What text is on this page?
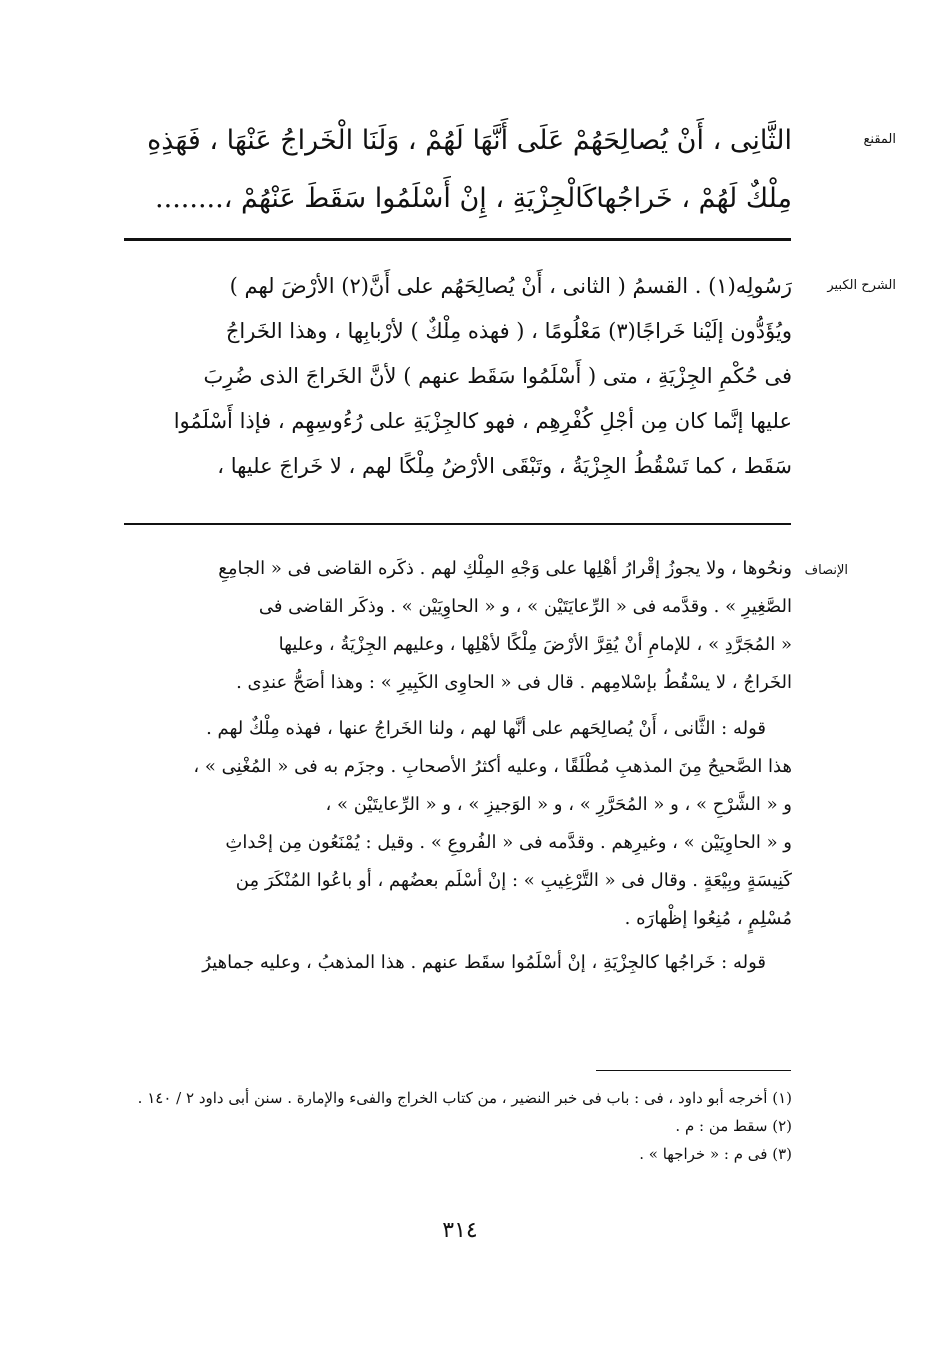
المقنع
الثَّانِى ، أَنْ يُصالِحَهُمْ عَلَى أَنَّهَا لَهُمْ ، وَلَنَا الْخَراجُ عَنْهَا ، فَهَذِهِ
مِلْكٌ لَهُمْ ، خَراجُهاكَالْجِزْيَةِ ، إِنْ أَسْلَمُوا سَقَطَ عَنْهُمْ ،........
الشرح الكبير
رَسُولِه(١) . القسمُ ( الثانى ، أَنْ يُصالِحَهُم على أَنَّ(٢) الأرْضَ لهم )
ويُؤَدُّون إلَيْنا خَراجًا(٣) مَعْلُومًا ، ( فهذه مِلْكٌ ) لأرْبابِها ، وهذا الخَراجُ
فى حُكْمِ الجِزْيَةِ ، متى ( أَسْلَمُوا سَقَط عنهم ) لأنَّ الخَراجَ الذى ضُرِبَ
عليها إنَّما كان مِن أجْلِ كُفْرِهِم ، فهو كالجِزْيَةِ على رُءُوسِهِم ، فإذا أَسْلَمُوا
سَقَط ، كما تَسْقُطُ الجِزْيَةُ ، وتَبْقَى الأرْضُ مِلْكًا لهم ، لا خَراجَ عليها ،
الإنصاف
ونحُوها ، ولا يجوزُ إقْرارُ أهْلِها على وَجْهِ المِلْكِ لهم . ذكَره القاضى فى « الجامِعِ
الصَّغِيرِ » . وقدَّمه فى « الرِّعايَتَيْن » ، و « الحاوِيَيْن » . وذكَر القاضى فى
« المُجَرَّدِ » ، للإمامِ أنْ يُقِرَّ الأرْضَ مِلْكًا لأهْلِها ، وعليهم الجِزْيَةُ ، وعليها
الخَراجُ ، لا يسْقُطُ بإسْلامِهم . قال فى « الحاوِى الكَبِيرِ » : وهذا أصَحُّ عندِى .
قوله : الثَّانى ، أَنْ يُصالِحَهم على أنَّها لهم ، ولنا الخَراجُ عنها ، فهذه مِلْكٌ لهم .
هذا الصَّحيحُ مِنَ المذهبِ مُطْلَقًا ، وعليه أكثرُ الأصحابِ . وجزَم به فى « المُغْنِى » ،
و « الشَّرْحِ » ، و « المُحَرَّرِ » ، و « الوَجيزِ » ، و « الرِّعايتَيْن » ،
و « الحاوِيَيْن » ، وغيرِهم . وقدَّمه فى « الفُروعِ » . وقيل : يُمْنَعُون مِن إحْداثِ
كَنِيسَةٍ وبِيْعَةٍ . وقال فى « التَّرْغِيبِ » : إنْ أسْلَم بعضُهم ، أو باعُوا المُنْكَرَ مِن
مُسْلِمٍ ، مُنِعُوا إظْهارَه .
قوله : خَراجُها كالجِزْيَةِ ، إنْ أسْلَمُوا سقَط عنهم . هذا المذهبُ ، وعليه جماهيرُ
(١) أخرجه أبو داود ، فى : باب فى خبر النضير ، من كتاب الخراج والفىء والإمارة . سنن أبى داود ٢ / ١٤٠ .
(٢) سقط من : م .
(٣) فى م : « خراجها » .
٣١٤
